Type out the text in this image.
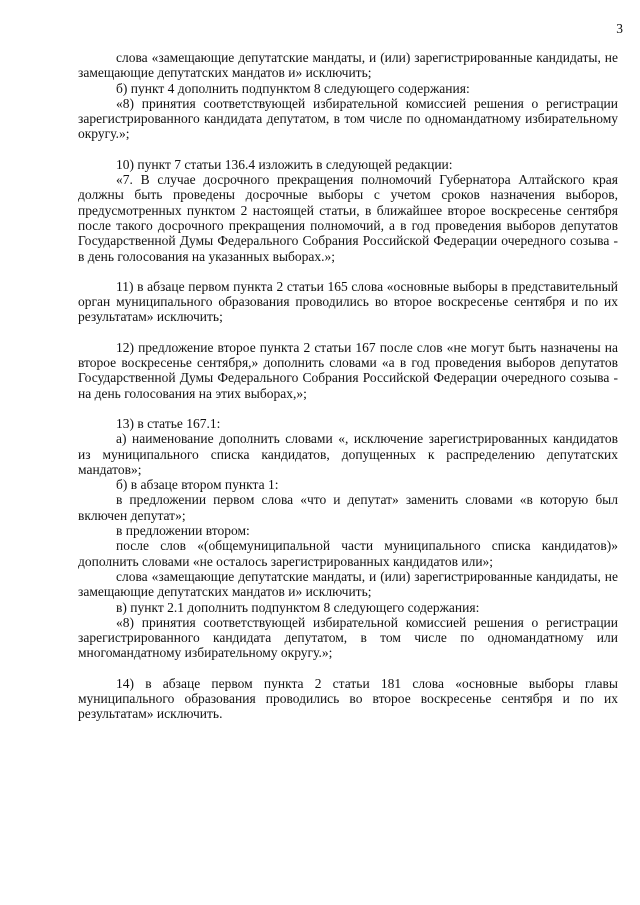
3

слова «замещающие депутатские мандаты, и (или) зарегистрированные кандидаты, не замещающие депутатских мандатов и» исключить;

б) пункт 4 дополнить подпунктом 8 следующего содержания:

«8) принятия соответствующей избирательной комиссией решения о регистрации зарегистрированного кандидата депутатом, в том числе по одномандатному избирательному округу.»;

10) пункт 7 статьи 136.4 изложить в следующей редакции:

«7. В случае досрочного прекращения полномочий Губернатора Алтайского края должны быть проведены досрочные выборы с учетом сроков назначения выборов, предусмотренных пунктом 2 настоящей статьи, в ближайшее второе воскресенье сентября после такого досрочного прекращения полномочий, а в год проведения выборов депутатов Государственной Думы Федерального Собрания Российской Федерации очередного созыва - в день голосования на указанных выборах.»;

11) в абзаце первом пункта 2 статьи 165 слова «основные выборы в представительный орган муниципального образования проводились во второе воскресенье сентября и по их результатам» исключить;

12) предложение второе пункта 2 статьи 167 после слов «не могут быть назначены на второе воскресенье сентября,» дополнить словами «а в год проведения выборов депутатов Государственной Думы Федерального Собрания Российской Федерации очередного созыва - на день голосования на этих выборах,»;

13) в статье 167.1:

а) наименование дополнить словами «, исключение зарегистрированных кандидатов из муниципального списка кандидатов, допущенных к распределению депутатских мандатов»;

б) в абзаце втором пункта 1:

в предложении первом слова «что и депутат» заменить словами «в которую был включен депутат»;

в предложении втором:

после слов «(общемуниципальной части муниципального списка кандидатов)» дополнить словами «не осталось зарегистрированных кандидатов или»;

слова «замещающие депутатские мандаты, и (или) зарегистрированные кандидаты, не замещающие депутатских мандатов и» исключить;

в) пункт 2.1 дополнить подпунктом 8 следующего содержания:

«8) принятия соответствующей избирательной комиссией решения о регистрации зарегистрированного кандидата депутатом, в том числе по одномандатному или многомандатному избирательному округу.»;

14) в абзаце первом пункта 2 статьи 181 слова «основные выборы главы муниципального образования проводились во второе воскресенье сентября и по их результатам» исключить.
